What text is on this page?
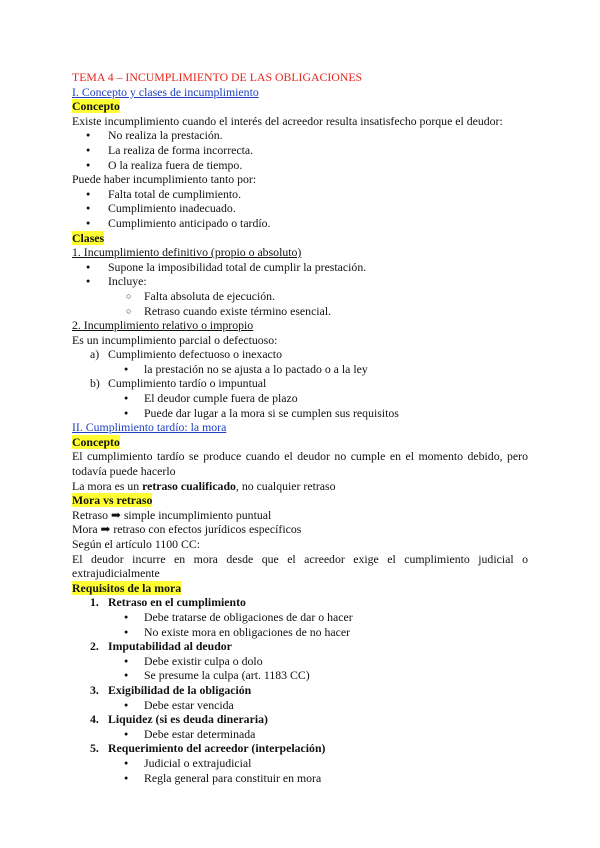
TEMA 4 – INCUMPLIMIENTO DE LAS OBLIGACIONES
I. Concepto y clases de incumplimiento
Concepto
Existe incumplimiento cuando el interés del acreedor resulta insatisfecho porque el deudor:
● No realiza la prestación.
● La realiza de forma incorrecta.
● O la realiza fuera de tiempo.
Puede haber incumplimiento tanto por:
● Falta total de cumplimiento.
● Cumplimiento inadecuado.
● Cumplimiento anticipado o tardío.
Clases
1. Incumplimiento definitivo (propio o absoluto)
● Supone la imposibilidad total de cumplir la prestación.
● Incluye:
○ Falta absoluta de ejecución.
○ Retraso cuando existe término esencial.
2. Incumplimiento relativo o impropio
Es un incumplimiento parcial o defectuoso:
a) Cumplimiento defectuoso o inexacto
● la prestación no se ajusta a lo pactado o a la ley
b) Cumplimiento tardío o impuntual
● El deudor cumple fuera de plazo
● Puede dar lugar a la mora si se cumplen sus requisitos
II. Cumplimiento tardío: la mora
Concepto
El cumplimiento tardío se produce cuando el deudor no cumple en el momento debido, pero todavía puede hacerlo
La mora es un retraso cualificado, no cualquier retraso
Mora vs retraso
Retraso ➡ simple incumplimiento puntual
Mora ➡ retraso con efectos jurídicos específicos
Según el artículo 1100 CC:
El deudor incurre en mora desde que el acreedor exige el cumplimiento judicial o extrajudicialmente
Requisitos de la mora
1. Retraso en el cumplimiento
● Debe tratarse de obligaciones de dar o hacer
● No existe mora en obligaciones de no hacer
2. Imputabilidad al deudor
● Debe existir culpa o dolo
● Se presume la culpa (art. 1183 CC)
3. Exigibilidad de la obligación
● Debe estar vencida
4. Liquidez (si es deuda dineraria)
● Debe estar determinada
5. Requerimiento del acreedor (interpelación)
● Judicial o extrajudicial
● Regla general para constituir en mora
